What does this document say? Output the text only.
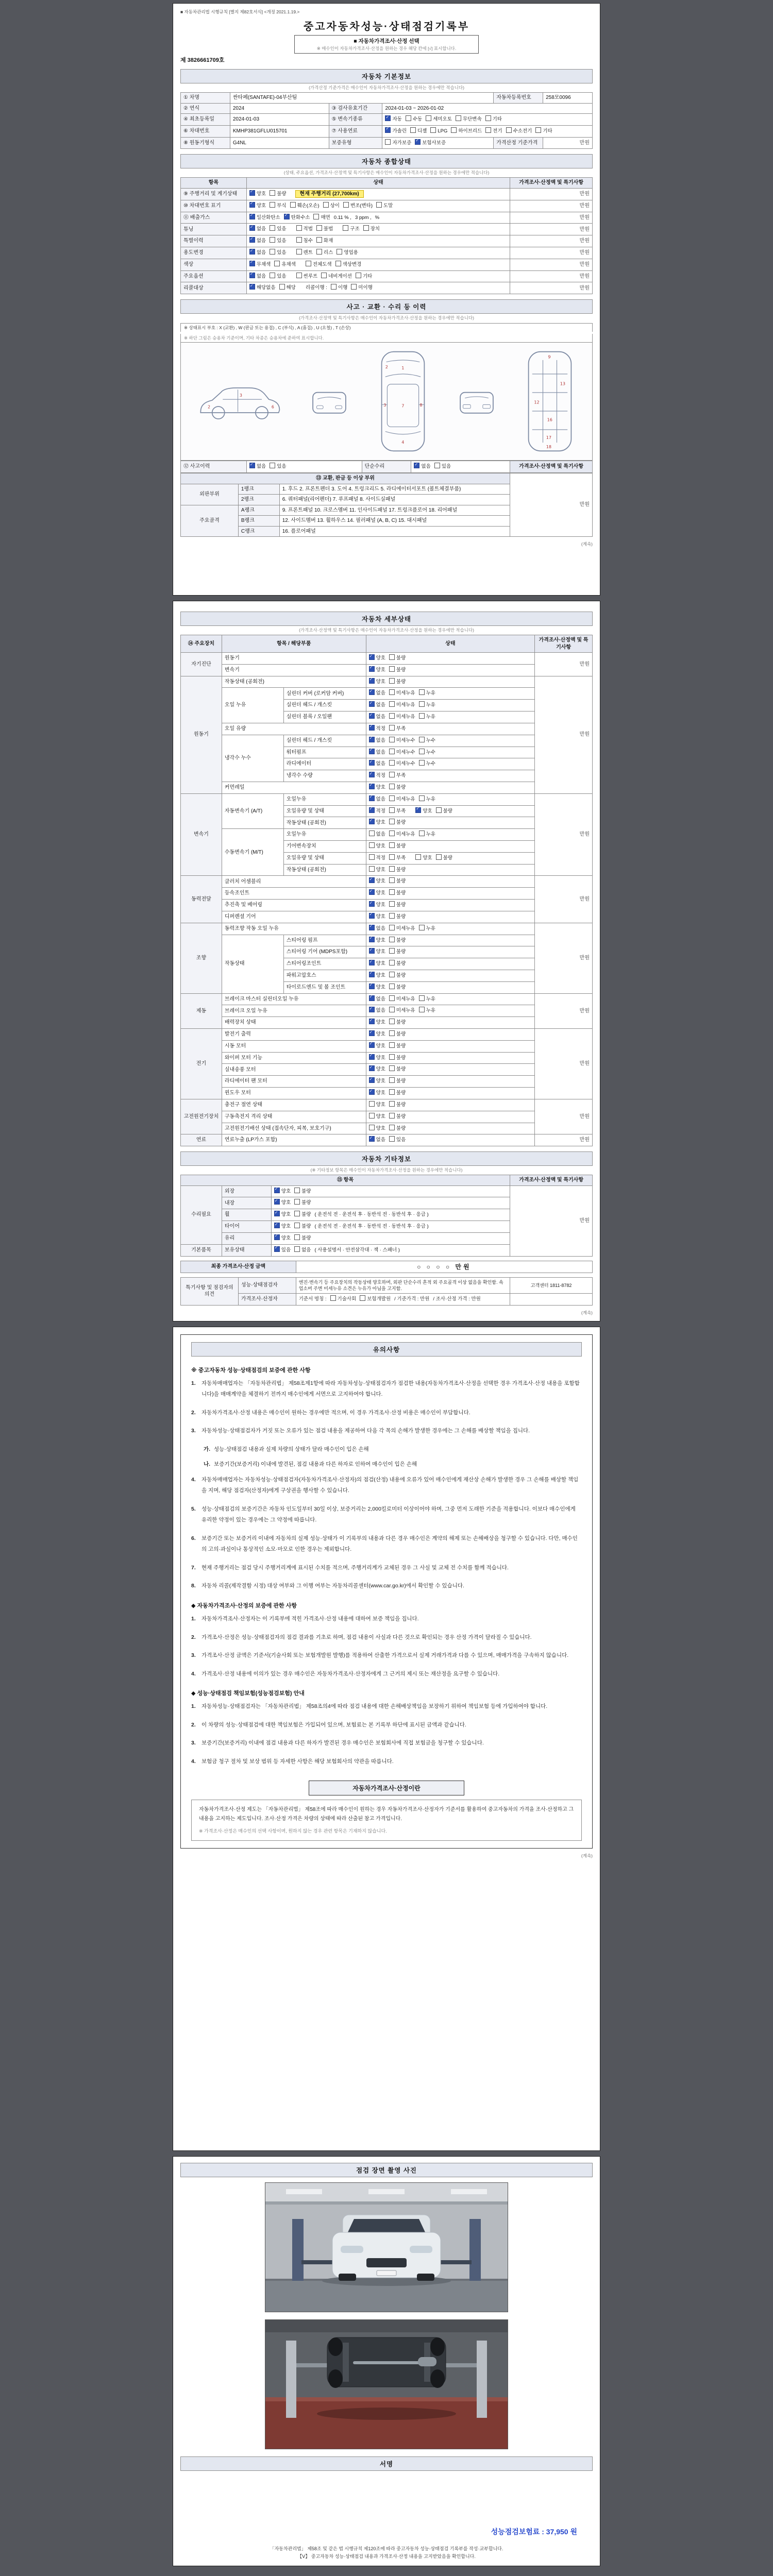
■ 자동차관리법 시행규칙 [별지 제82호서식] <개정 2021.1.19.>
중고자동차성능·상태점검기록부
■ 자동차가격조사·산정 선택
※ 매수인이 자동차가격조사·산정을 원하는 경우 해당 칸에 [√] 표시합니다.
제 3826661709호
자동차 기본정보
(가격산정 기준가격은 매수인이 자동차가격조사·산정을 원하는 경우에만 적습니다)
① 차명	싼타페(SANTAFE)-04부산팀			자동차등록번호	258모0096
② 연식	2024	③ 검사유효기간	2024-01-03 ~ 2026-01-02		
④ 최초등록일	2024-01-03	⑤ 변속기종류	✓자동 수동 세미오토 무단변속 기타
⑥ 차대번호	KMHP381GFLU015701	⑦ 사용연료	✓가솔린 디젤 LPG 하이브리드 전기 수소전기 기타
⑧ 원동기형식	G4NL	보증유형	자가보증 ✓ 보험사보증	가격산정 기준가격	만원
자동차 종합상태
(상태, 주요옵션, 가격조사·산정액 및 특기사항은 매수인이 자동차가격조사·산정을 원하는 경우에만 적습니다)
항목	상태	가격조사·산정액 및 특기사항
⑨ 주행거리 및 계기상태	✓양호 불량 현재 주행거리 (27,700km)	만원
⑩ 차대번호 표기	✓양호 부식 훼손(오손) 상이 변조(변타) 도말	만원
⑪ 배출가스	✓일산화탄소 ✓ 탄화수소 매연 0.11 % , 3 ppm , %	만원
튜닝	✓없음 있음 적법 불법 구조 장치	만원
특별이력	✓없음 있음 침수 화재	만원
용도변경	✓없음 있음 렌트 리스 영업용	만원
색상	✓무채색 유채색 전체도색 색상변경	만원
주요옵션	✓없음 있음 썬루프 네비게이션 기타	만원
리콜대상	✓해당없음 해당 리콜이행 : 이행 미이행	만원
사고 · 교환 · 수리 등 이력
(가격조사·산정액 및 특기사항은 매수인이 자동차가격조사·산정을 원하는 경우에만 적습니다)
※ 상태표시 부호 : X (교환) , W (판금 또는 용접) , C (부식) , A (흠집) , U (요철) , T (손상)
※ 하단 그림은 승용차 기준이며, 기타 차종은 승용차에 준하여 표시합니다.
2
3
6
1
2
3	7	8
4
9
12
13
16
17
18
⑫ 사고이력	✓없음 있음	단순수리	✓없음 있음	가격조사·산정액 및 특기사항
⑬ 교환, 판금 등 이상 부위			만원
외판부위	1랭크	1. 후드 2. 프론트펜더 3. 도어 4. 트렁크리드 5. 라디에이터서포트 (볼트체결부품)	
	2랭크	6. 쿼터패널(리어펜더) 7. 루프패널 8. 사이드실패널	
주요골격	A랭크	9. 프론트패널 10. 크로스멤버 11. 인사이드패널 17. 트렁크플로어 18. 리어패널	
	B랭크	12. 사이드멤버 13. 휠하우스 14. 필러패널 (A, B, C) 15. 대시패널	
	C랭크	16. 플로어패널	
(계속)
자동차 세부상태
(가격조사·산정액 및 특기사항은 매수인이 자동차가격조사·산정을 원하는 경우에만 적습니다)
⑭ 주요장치	항목 / 해당부품		상태	가격조사·산정액 및 특기사항
자기진단	원동기	✓양호 불량	만원
	변속기	✓양호 불량
원동기	작동상태 (공회전)	✓양호 불량	만원
	오일 누유	실린더 커버 (로커암 커버)	✓없음 미세누유 누유
		실린더 헤드 / 개스킷	✓없음 미세누유 누유
		실린더 블록 / 오일팬	✓없음 미세누유 누유
	오일 유량	✓적정 부족
	냉각수 누수	실린더 헤드 / 개스킷	✓없음 미세누수 누수
		워터펌프	✓없음 미세누수 누수
		라디에이터	✓없음 미세누수 누수
		냉각수 수량	✓적정 부족
	커먼레일	✓양호 불량
변속기	자동변속기 (A/T)	오일누유	✓없음 미세누유 누유	만원
		오일유량 및 상태	✓적정 부족 ✓ 양호 불량
		작동상태 (공회전)	✓양호 불량
	수동변속기 (M/T)	오일누유	없음 미세누유 누유	
		기어변속장치	양호 불량	
		오일유량 및 상태	적정 부족 양호 불량	
		작동상태 (공회전)	양호 불량	
동력전달	클러치 어셈블리	✓양호 불량	만원
	등속조인트	✓양호 불량
	추진축 및 베어링	✓양호 불량
	디퍼렌셜 기어	✓양호 불량
조향	동력조향 작동 오일 누유	✓없음 미세누유 누유	만원
	작동상태	스티어링 펌프	✓양호 불량
		스티어링 기어 (MDPS포함)	✓양호 불량
		스티어링조인트	✓양호 불량
		파워고압호스	✓양호 불량
		타이로드엔드 및 볼 조인트	✓양호 불량
제동	브레이크 마스터 실린더오일 누유	✓없음 미세누유 누유	만원
	브레이크 오일 누유	✓없음 미세누유 누유
	배력장치 상태	✓양호 불량
전기	발전기 출력	✓양호 불량	만원
	시동 모터	✓양호 불량
	와이퍼 모터 기능	✓양호 불량
	실내송풍 모터	✓양호 불량
	라디에이터 팬 모터	✓양호 불량
	윈도우 모터	✓양호 불량
고전원전기장치	충전구 절연 상태		양호 불량	만원
	구동축전지 격리 상태		양호 불량	
	고전원전기배선 상태 (접속단자, 피복, 보호기구)		양호 불량	
연료	연료누출 (LP가스 포함)	✓없음 있음	만원
자동차 기타정보
(※ 기타정보 항목은 매수인이 자동차가격조사·산정을 원하는 경우에만 적습니다)
⑮ 항목			가격조사·산정액 및 특기사항
수리필요	외장	✓양호 불량	만원
	내장	✓양호 불량
	휠	✓양호 불량 ( 운전석 전 · 운전석 후 · 동반석 전 · 동반석 후 · 응급 )
	타이어	✓양호 불량 ( 운전석 전 · 운전석 후 · 동반석 전 · 동반석 후 · 응급 )
	유리	✓양호 불량
기본품목	보유상태	✓있음 없음 ( 사용설명서 · 안전삼각대 · 잭 · 스패너 )
최종 가격조사·산정 금액	○ ○ ○ ○ 만원
특기사항 및 점검자의 의견	성능·상태점검자	엔진·변속기 등 주요장치의 작동상태 양호하며, 외판 단순수리 흔적 외 주요골격 이상 없음을 확인함. 쇽업소버 주변 미세누유 소견은 누유가 아님을 고지함.	고객센터 1811-8782
	가격조사·산정자	기준서 명칭 : 기술사회 보험개발원 / 기준가격 : 만원 / 조사·산정 가격 : 만원	
(계속)
유의사항
※ 중고자동차 성능·상태점검의 보증에 관한 사항
1.	자동차매매업자는 「자동차관리법」 제58조제1항에 따라 자동차성능·상태점검자가 점검한 내용(자동차가격조사·산정을 선택한 경우 가격조사·산정 내용을 포함합니다)을 매매계약을 체결하기 전까지 매수인에게 서면으로 고지하여야 합니다.
2.	자동차가격조사·산정 내용은 매수인이 원하는 경우에만 적으며, 이 경우 가격조사·산정 비용은 매수인이 부담합니다.
3.	자동차성능·상태점검자가 거짓 또는 오류가 있는 점검 내용을 제공하여 다음 각 목의 손해가 발생한 경우에는 그 손해를 배상할 책임을 집니다.
가. 성능·상태점검 내용과 실제 차량의 상태가 달라 매수인이 입은 손해
나. 보증기간(보증거리) 이내에 발견된, 점검 내용과 다른 하자로 인하여 매수인이 입은 손해
4.	자동차매매업자는 자동차성능·상태점검자(자동차가격조사·산정자)의 점검(산정) 내용에 오류가 있어 매수인에게 재산상 손해가 발생한 경우 그 손해를 배상할 책임을 지며, 해당 점검자(산정자)에게 구상권을 행사할 수 있습니다.
5.	성능·상태점검의 보증기간은 자동차 인도일부터 30일 이상, 보증거리는 2,000킬로미터 이상이어야 하며, 그중 먼저 도래한 기준을 적용합니다. 이보다 매수인에게 유리한 약정이 있는 경우에는 그 약정에 따릅니다.
6.	보증기간 또는 보증거리 이내에 자동차의 실제 성능·상태가 이 기록부의 내용과 다른 경우 매수인은 계약의 해제 또는 손해배상을 청구할 수 있습니다. 다만, 매수인의 고의·과실이나 통상적인 소모·마모로 인한 경우는 제외합니다.
7.	현재 주행거리는 점검 당시 주행거리계에 표시된 수치를 적으며, 주행거리계가 교체된 경우 그 사실 및 교체 전 수치를 함께 적습니다.
8.	자동차 리콜(제작결함 시정) 대상 여부와 그 이행 여부는 자동차리콜센터(www.car.go.kr)에서 확인할 수 있습니다.
◆ 자동차가격조사·산정의 보증에 관한 사항
1.	자동차가격조사·산정자는 이 기록부에 적힌 가격조사·산정 내용에 대하여 보증 책임을 집니다.
2.	가격조사·산정은 성능·상태점검자의 점검 결과를 기초로 하며, 점검 내용이 사실과 다른 것으로 확인되는 경우 산정 가격이 달라질 수 있습니다.
3.	가격조사·산정 금액은 기준서(기술사회 또는 보험개발원 발행)를 적용하여 산출한 가격으로서 실제 거래가격과 다를 수 있으며, 매매가격을 구속하지 않습니다.
4.	가격조사·산정 내용에 이의가 있는 경우 매수인은 자동차가격조사·산정자에게 그 근거의 제시 또는 재산정을 요구할 수 있습니다.
◆ 성능·상태점검 책임보험(성능점검보험) 안내
1.	자동차성능·상태점검자는 「자동차관리법」 제58조의4에 따라 점검 내용에 대한 손해배상책임을 보장하기 위하여 책임보험 등에 가입하여야 합니다.
2.	이 차량의 성능·상태점검에 대한 책임보험은 가입되어 있으며, 보험료는 본 기록부 하단에 표시된 금액과 같습니다.
3.	보증기간(보증거리) 이내에 점검 내용과 다른 하자가 발견된 경우 매수인은 보험회사에 직접 보험금을 청구할 수 있습니다.
4.	보험금 청구 절차 및 보상 범위 등 자세한 사항은 해당 보험회사의 약관을 따릅니다.
자동차가격조사·산정이란
자동차가격조사·산정 제도는 「자동차관리법」 제58조에 따라 매수인이 원하는 경우 자동차가격조사·산정자가 기준서를 활용하여 중고자동차의 가격을 조사·산정하고 그 내용을 고지하는 제도입니다. 조사·산정 가격은 차량의 상태에 따라 산출된 참고 가격입니다.
※ 가격조사·산정은 매수인의 선택 사항이며, 원하지 않는 경우 관련 항목은 기재하지 않습니다.
(계속)
점검 장면 촬영 사진
서명
성능점검보험료 : 37,950 원
「자동차관리법」 제58조 및 같은 법 시행규칙 제120조에 따라 중고자동차 성능·상태점검 기록부를 작성·교부합니다.
【Ⅴ】 중고자동차 성능·상태점검 내용과 가격조사·산정 내용을 고지받았음을 확인합니다.
